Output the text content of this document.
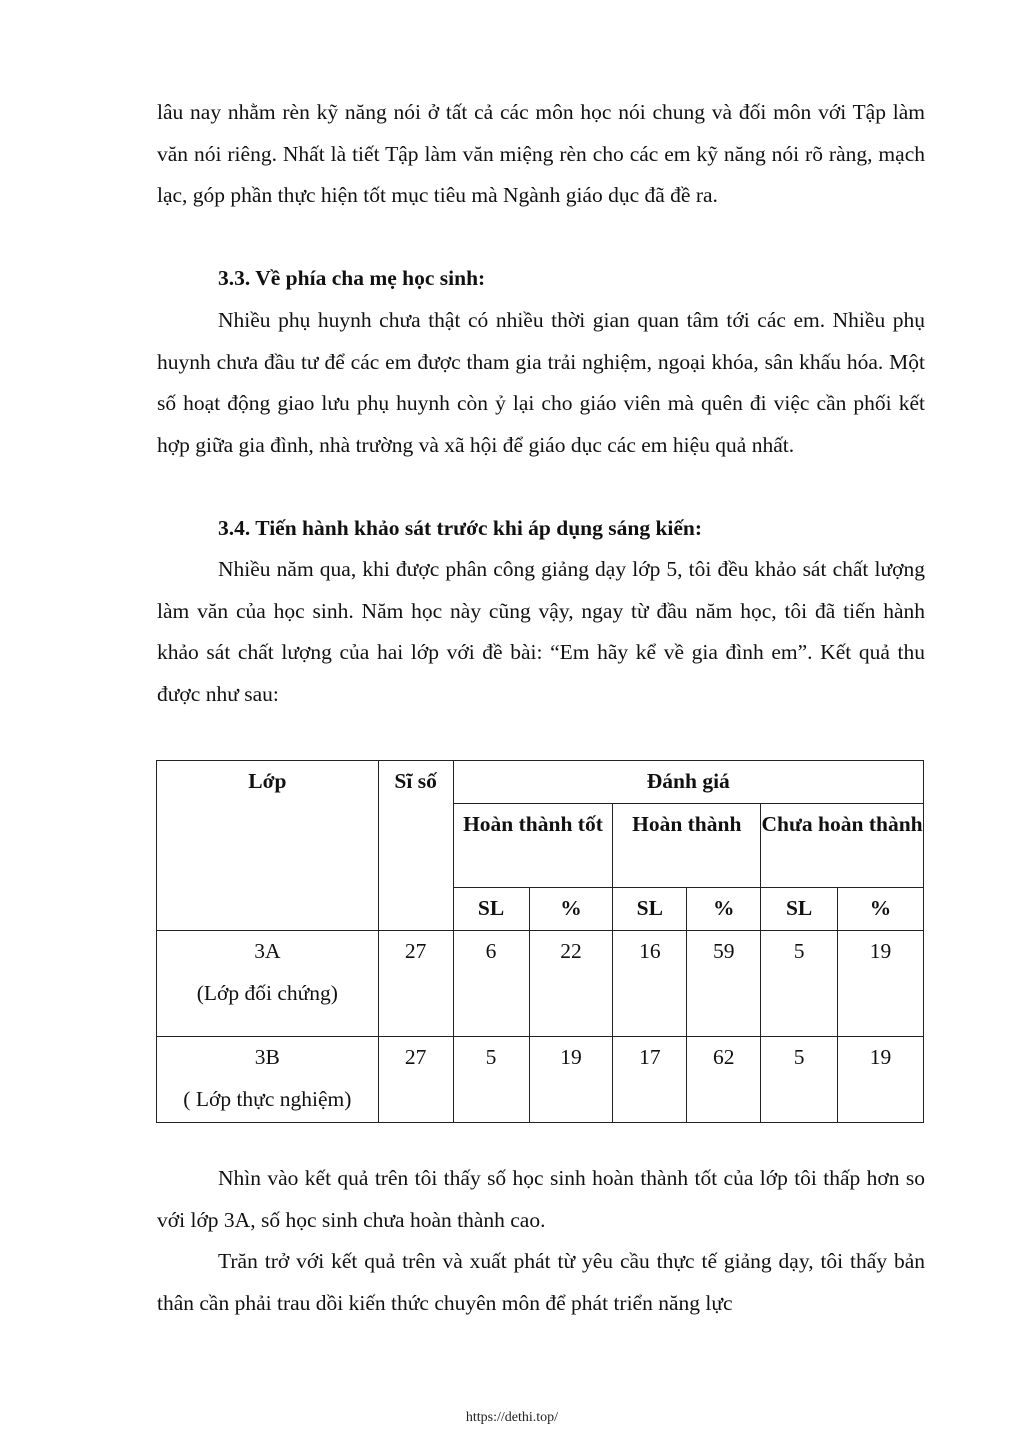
lâu nay nhằm rèn kỹ năng nói ở tất cả các môn học nói chung và đối môn với Tập làm văn nói riêng. Nhất là tiết Tập làm văn miệng rèn cho các em kỹ năng nói rõ ràng, mạch lạc, góp phần thực hiện tốt mục tiêu mà Ngành giáo dục đã đề ra.

3.3. Về phía cha mẹ học sinh:

Nhiều phụ huynh chưa thật có nhiều thời gian quan tâm tới các em. Nhiều phụ huynh chưa đầu tư để các em được tham gia trải nghiệm, ngoại khóa, sân khấu hóa. Một số hoạt động giao lưu phụ huynh còn ỷ lại cho giáo viên mà quên đi việc cần phối kết hợp giữa gia đình, nhà trường và xã hội để giáo dục các em hiệu quả nhất.

3.4. Tiến hành khảo sát trước khi áp dụng sáng kiến:

Nhiều năm qua, khi được phân công giảng dạy lớp 5, tôi đều khảo sát chất lượng làm văn của học sinh. Năm học này cũng vậy, ngay từ đầu năm học, tôi đã tiến hành khảo sát chất lượng của hai lớp với đề bài: “Em hãy kể về gia đình em”. Kết quả thu được như sau:

Lớp	Sĩ số	Đánh giá					
		Hoàn thành tốt		Hoàn thành		Chưa hoàn thành	
		SL	%	SL	%	SL	%

3A
(Lớp đối chứng)	27	6	22	16	59	5	19

3B
( Lớp thực nghiệm)	27	5	19	17	62	5	19

Nhìn vào kết quả trên tôi thấy số học sinh hoàn thành tốt của lớp tôi thấp hơn so với lớp 3A, số học sinh chưa hoàn thành cao.

Trăn trở với kết quả trên và xuất phát từ yêu cầu thực tế giảng dạy, tôi thấy bản thân cần phải trau dồi kiến thức chuyên môn để phát triển năng lực

https://dethi.top/
